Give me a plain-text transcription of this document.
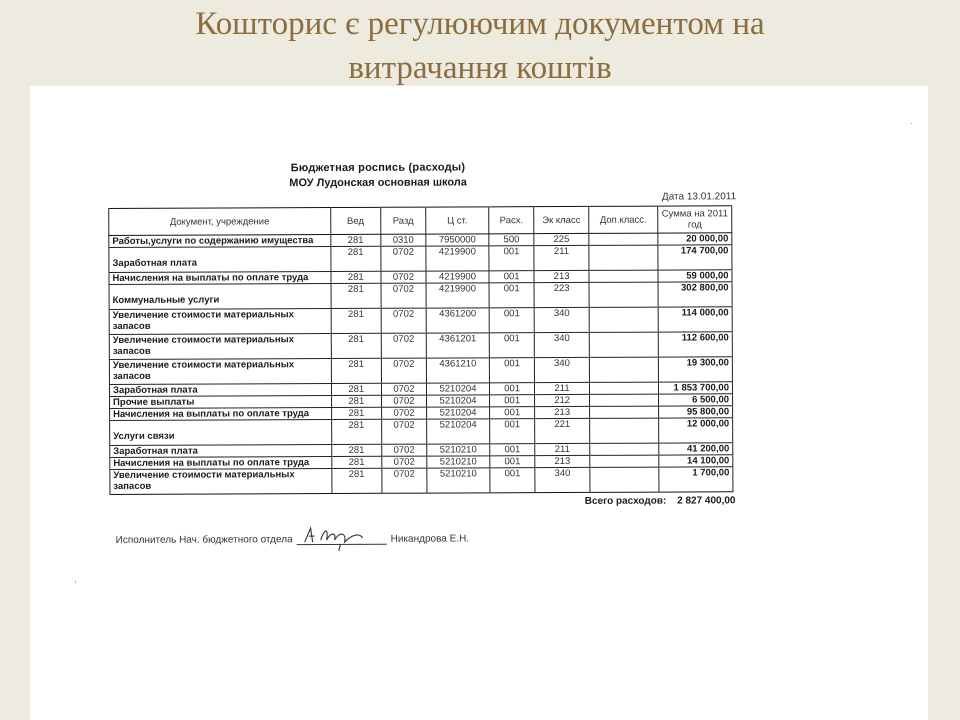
Кошторис є регулюючим документом на
витрачання коштів
Бюджетная роспись (расходы)
МОУ Лудонская основная школа
Дата 13.01.2011
Документ, учреждение	Вед	Разд	Ц ст.	Расх.	Эк класс	Доп.класс.	Сумма на 2011 год
Работы,услуги по содержанию имущества	281	0310	7950000	500	225		20 000,00
Заработная плата	281	0702	4219900	001	211		174 700,00
Начисления на выплаты по оплате труда	281	0702	4219900	001	213		59 000,00
Коммунальные услуги	281	0702	4219900	001	223		302 800,00
Увеличение стоимости материальных запасов	281	0702	4361200	001	340		114 000,00
Увеличение стоимости материальных запасов	281	0702	4361201	001	340		112 600,00
Увеличение стоимости материальных запасов	281	0702	4361210	001	340		19 300,00
Заработная плата	281	0702	5210204	001	211		1 853 700,00
Прочие выплаты	281	0702	5210204	001	212		6 500,00
Начисления на выплаты по оплате труда	281	0702	5210204	001	213		95 800,00
Услуги связи	281	0702	5210204	001	221		12 000,00
Заработная плата	281	0702	5210210	001	211		41 200,00
Начисления на выплаты по оплате труда	281	0702	5210210	001	213		14 100,00
Увеличение стоимости материальных запасов	281	0702	5210210	001	340		1 700,00
Всего расходов: 2 827 400,00
Исполнитель Нач. бюджетного отдела	Никандрова Е.Н.
,
.
